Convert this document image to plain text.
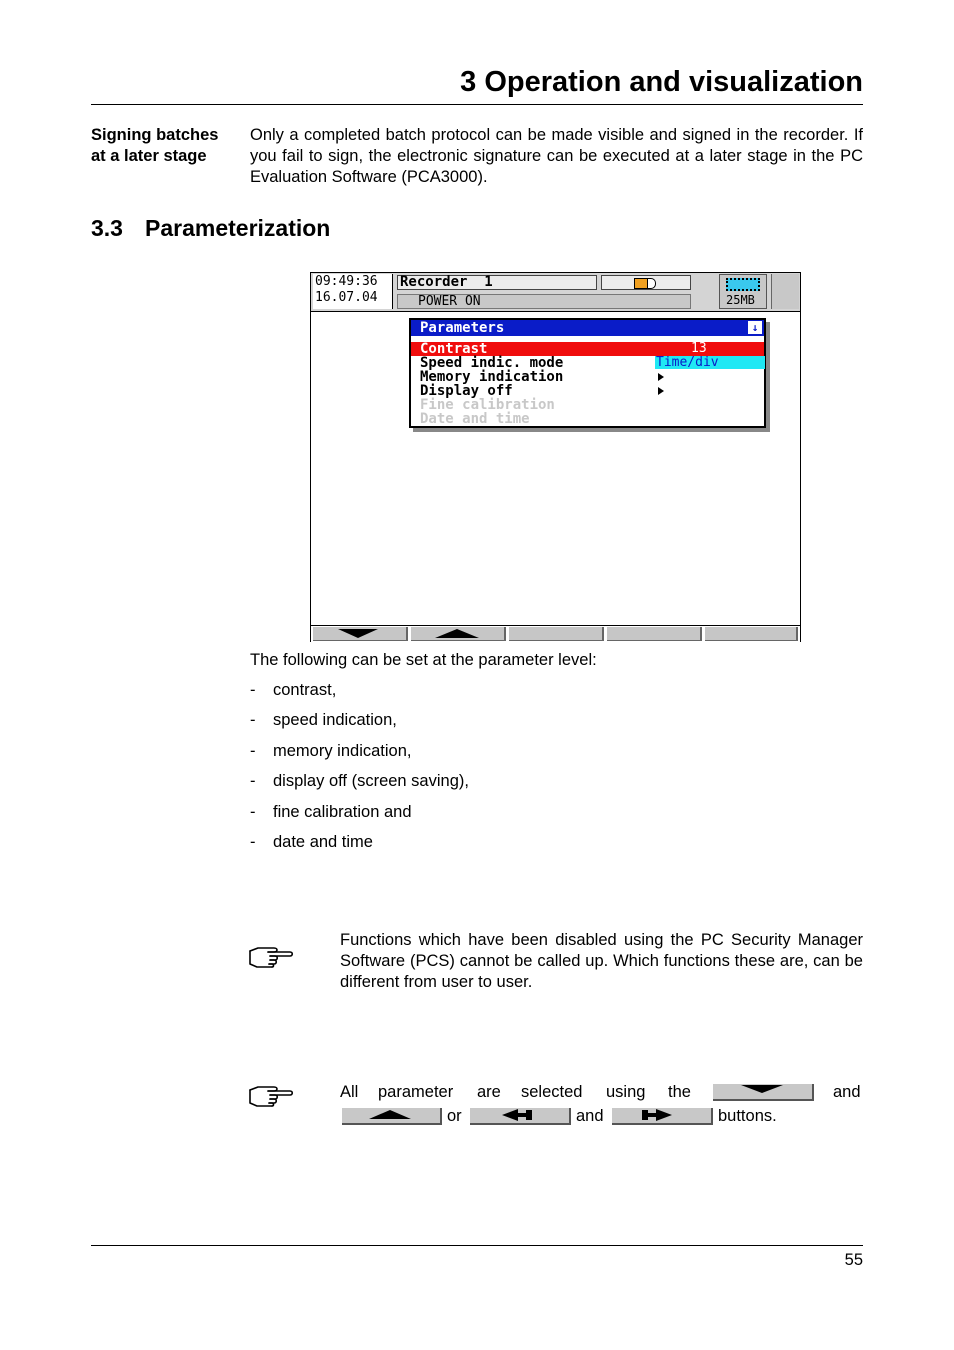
3 Operation and visualization
Signing batches
at a later stage
Only a completed batch protocol can be made visible and signed in the recorder. If you fail to sign, the electronic signature can be executed at a later stage in the PC Evaluation Software (PCA3000).
3.3 Parameterization
09:49:36
16.07.04
Recorder  1
POWER ON	25MB
Parameters	↓
Contrast	13
Speed indic. mode	Time/div
Memory indication
Display off
Fine calibration
Date and time
The following can be set at the parameter level:
- contrast,
- speed indication,
- memory indication,
- display off (screen saving),
- fine calibration and
- date and time
Functions which have been disabled using the PC Security Manager Software (PCS) cannot be called up. Which functions these are, can be different from user to user.
All parameter are selected using the	and
or	and	buttons.
55
